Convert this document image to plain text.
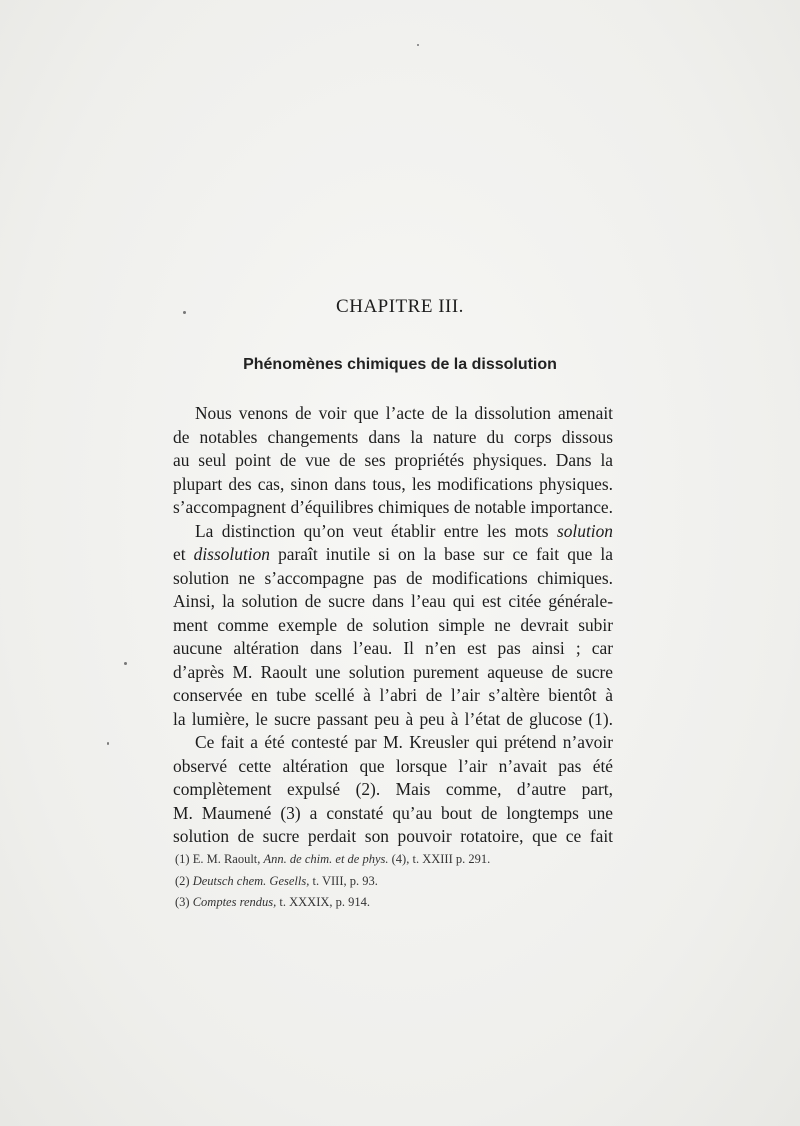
CHAPITRE III.
Phénomènes chimiques de la dissolution
Nous venons de voir que l’acte de la dissolution amenait
de notables changements dans la nature du corps dissous
au seul point de vue de ses propriétés physiques. Dans la
plupart des cas, sinon dans tous, les modifications physiques.
s’accompagnent d’équilibres chimiques de notable importance.
La distinction qu’on veut établir entre les mots solution
et dissolution paraît inutile si on la base sur ce fait que la
solution ne s’accompagne pas de modifications chimiques.
Ainsi, la solution de sucre dans l’eau qui est citée générale-
ment comme exemple de solution simple ne devrait subir
aucune altération dans l’eau. Il n’en est pas ainsi ; car
d’après M. Raoult une solution purement aqueuse de sucre
conservée en tube scellé à l’abri de l’air s’altère bientôt à
la lumière, le sucre passant peu à peu à l’état de glucose (1).
Ce fait a été contesté par M. Kreusler qui prétend n’avoir
observé cette altération que lorsque l’air n’avait pas été
complètement expulsé (2). Mais comme, d’autre part,
M. Maumené (3) a constaté qu’au bout de longtemps une
solution de sucre perdait son pouvoir rotatoire, que ce fait
(1) E. M. Raoult, Ann. de chim. et de phys. (4), t. XXIII p. 291.
(2) Deutsch chem. Gesells, t. VIII, p. 93.
(3) Comptes rendus, t. XXXIX, p. 914.
